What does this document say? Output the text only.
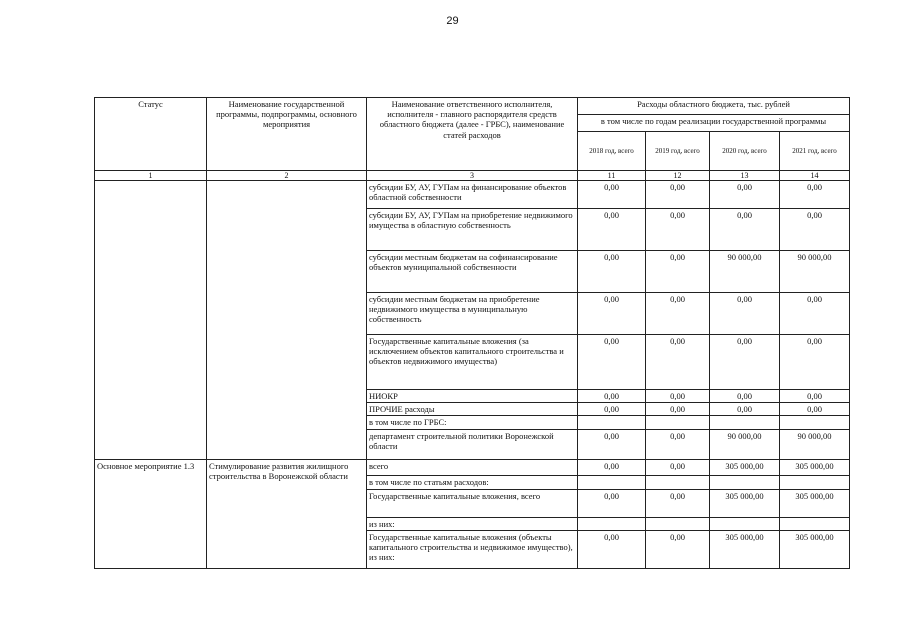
29
Статус	Наименование государственной программы, подпрограммы, основного мероприятия	Наименование ответственного исполнителя, исполнителя - главного распорядителя средств областного бюджета (далее - ГРБС), наименование статей расходов	Расходы областного бюджета, тыс. рублей			
			в том числе по годам реализации государственной программы			
			2018 год, всего	2019 год, всего	2020 год, всего	2021 год, всего
1	2	3	11	12	13	14
		субсидии БУ, АУ, ГУПам на финансирование объектов областной собственности	0,00	0,00	0,00	0,00
		субсидии БУ, АУ, ГУПам на приобретение недвижимого имущества в областную собственность	0,00	0,00	0,00	0,00
		субсидии местным бюджетам на софинансирование объектов муниципальной собственности	0,00	0,00	90 000,00	90 000,00
		субсидии местным бюджетам на приобретение недвижимого имущества в муниципальную собственность	0,00	0,00	0,00	0,00
		Государственные капитальные вложения (за исключением объектов капитального строительства и объектов недвижимого имущества)	0,00	0,00	0,00	0,00
		НИОКР	0,00	0,00	0,00	0,00
		ПРОЧИЕ расходы	0,00	0,00	0,00	0,00
		в том числе по ГРБС:				
		департамент строительной политики Воронежской области	0,00	0,00	90 000,00	90 000,00
Основное мероприятие 1.3	Стимулирование развития жилищного строительства в Воронежской области	всего	0,00	0,00	305 000,00	305 000,00
		в том числе по статьям расходов:				
		Государственные капитальные вложения, всего	0,00	0,00	305 000,00	305 000,00
		из них:				
		Государственные капитальные вложения (объекты капитального строительства и недвижимое имущество), из них:	0,00	0,00	305 000,00	305 000,00
